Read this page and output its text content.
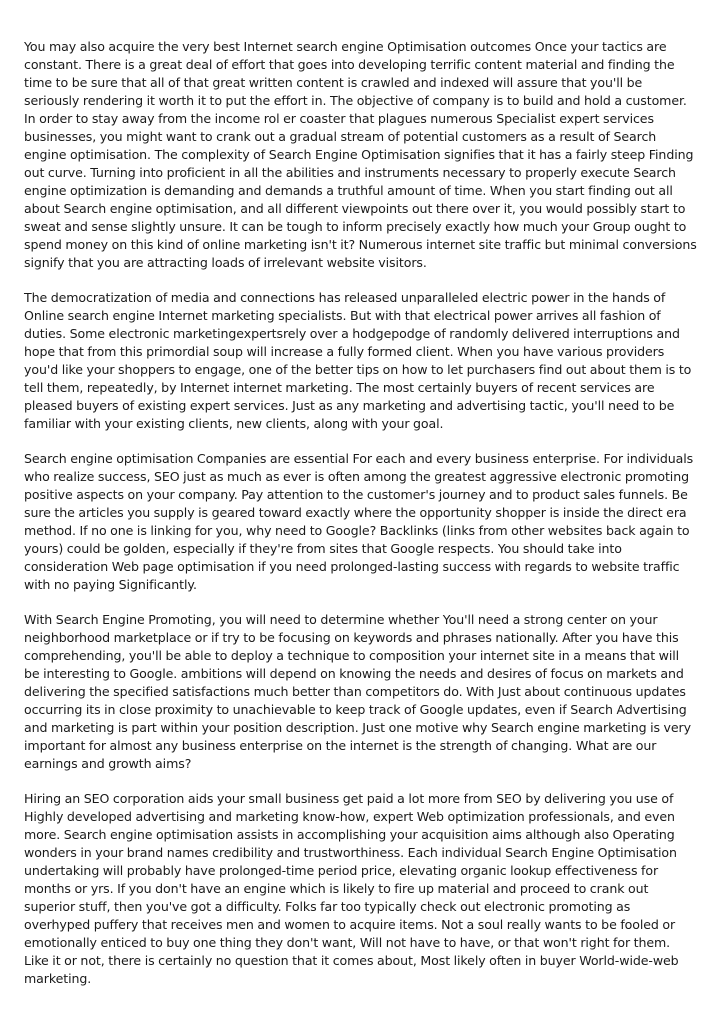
You may also acquire the very best Internet search engine Optimisation outcomes Once your tactics are constant. There is a great deal of effort that goes into developing terrific content material and finding the time to be sure that all of that great written content is crawled and indexed will assure that you'll be seriously rendering it worth it to put the effort in. The objective of company is to build and hold a customer. In order to stay away from the income rol er coaster that plagues numerous Specialist expert services businesses, you might want to crank out a gradual stream of potential customers as a result of Search engine optimisation. The complexity of Search Engine Optimisation signifies that it has a fairly steep Finding out curve. Turning into proficient in all the abilities and instruments necessary to properly execute Search engine optimization is demanding and demands a truthful amount of time. When you start finding out all about Search engine optimisation, and all different viewpoints out there over it, you would possibly start to sweat and sense slightly unsure. It can be tough to inform precisely exactly how much your Group ought to spend money on this kind of online marketing isn't it? Numerous internet site traffic but minimal conversions signify that you are attracting loads of irrelevant website visitors.

The democratization of media and connections has released unparalleled electric power in the hands of Online search engine Internet marketing specialists. But with that electrical power arrives all fashion of duties. Some electronic marketingexpertsrely over a hodgepodge of randomly delivered interruptions and hope that from this primordial soup will increase a fully formed client. When you have various providers you'd like your shoppers to engage, one of the better tips on how to let purchasers find out about them is to tell them, repeatedly, by Internet internet marketing. The most certainly buyers of recent services are pleased buyers of existing expert services. Just as any marketing and advertising tactic, you'll need to be familiar with your existing clients, new clients, along with your goal.

Search engine optimisation Companies are essential For each and every business enterprise. For individuals who realize success, SEO just as much as ever is often among the greatest aggressive electronic promoting positive aspects on your company. Pay attention to the customer's journey and to product sales funnels. Be sure the articles you supply is geared toward exactly where the opportunity shopper is inside the direct era method. If no one is linking for you, why need to Google? Backlinks (links from other websites back again to yours) could be golden, especially if they're from sites that Google respects. You should take into consideration Web page optimisation if you need prolonged-lasting success with regards to website traffic with no paying Significantly.

With Search Engine Promoting, you will need to determine whether You'll need a strong center on your neighborhood marketplace or if try to be focusing on keywords and phrases nationally. After you have this comprehending, you'll be able to deploy a technique to composition your internet site in a means that will be interesting to Google. ambitions will depend on knowing the needs and desires of focus on markets and delivering the specified satisfactions much better than competitors do. With Just about continuous updates occurring its in close proximity to unachievable to keep track of Google updates, even if Search Advertising and marketing is part within your position description. Just one motive why Search engine marketing is very important for almost any business enterprise on the internet is the strength of changing. What are our earnings and growth aims?

Hiring an SEO corporation aids your small business get paid a lot more from SEO by delivering you use of Highly developed advertising and marketing know-how, expert Web optimization professionals, and even more. Search engine optimisation assists in accomplishing your acquisition aims although also Operating wonders in your brand names credibility and trustworthiness. Each individual Search Engine Optimisation undertaking will probably have prolonged-time period price, elevating organic lookup effectiveness for months or yrs. If you don't have an engine which is likely to fire up material and proceed to crank out superior stuff, then you've got a difficulty. Folks far too typically check out electronic promoting as overhyped puffery that receives men and women to acquire items. Not a soul really wants to be fooled or emotionally enticed to buy one thing they don't want, Will not have to have, or that won't right for them. Like it or not, there is certainly no question that it comes about, Most likely often in buyer World-wide-web marketing.
